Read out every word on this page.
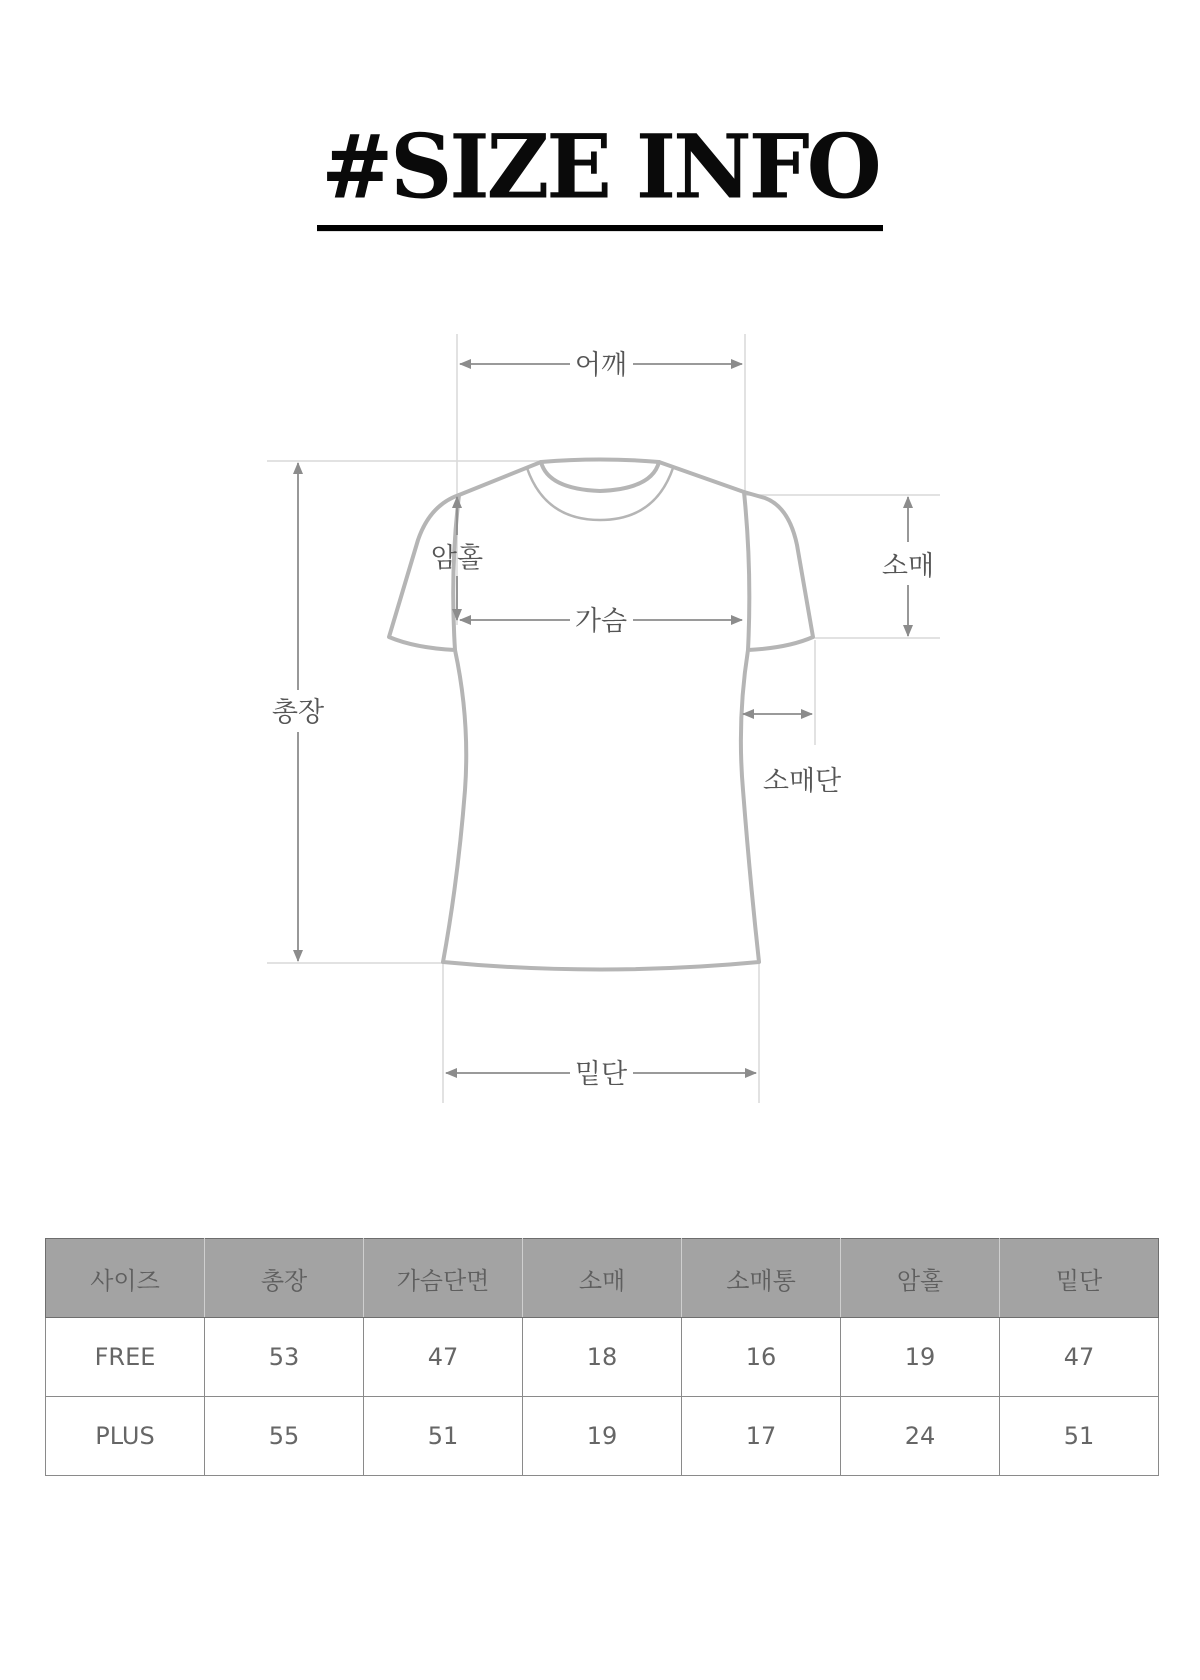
#SIZE INFO
어깨
암홀
가슴
소매
소매단
총장
밑단
사이즈	총장	가슴단면	소매	소매통	암홀	밑단
FREE	53	47	18	16	19	47
PLUS	55	51	19	17	24	51
